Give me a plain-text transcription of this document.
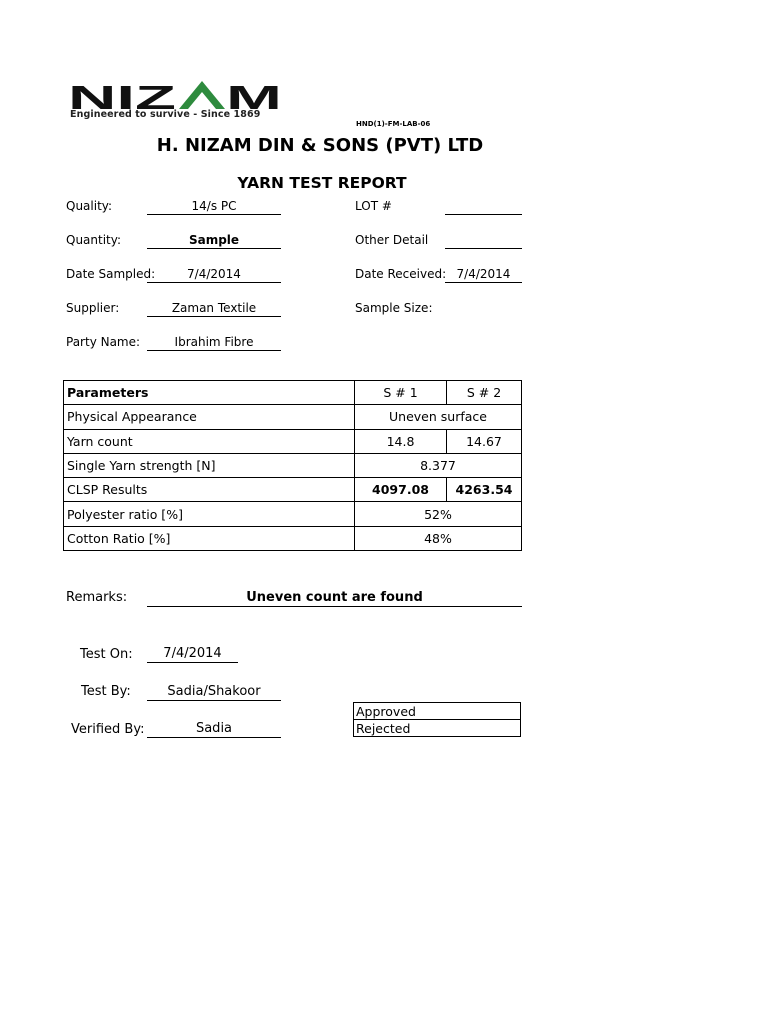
NIZ M
Engineered to survive - Since 1869
HND(1)-FM-LAB-06
H. NIZAM DIN & SONS (PVT) LTD
YARN TEST REPORT
Quality:	14/s PC	LOT #
Quantity:	Sample	Other Detail
Date Sampled:	7/4/2014	Date Received: 7/4/2014
Supplier:	Zaman Textile	Sample Size:
Party Name:	Ibrahim Fibre
Parameters	S # 1	S # 2
Physical Appearance	Uneven surface	
Yarn count	14.8	14.67
Single Yarn strength [N]	8.377	
CLSP Results	4097.08	4263.54
Polyester ratio [%]	52%	
Cotton Ratio [%]	48%	
Remarks:	Uneven count are found
Test On:	7/4/2014
Test By:	Sadia/Shakoor
Verified By:	Sadia
Approved
Rejected
